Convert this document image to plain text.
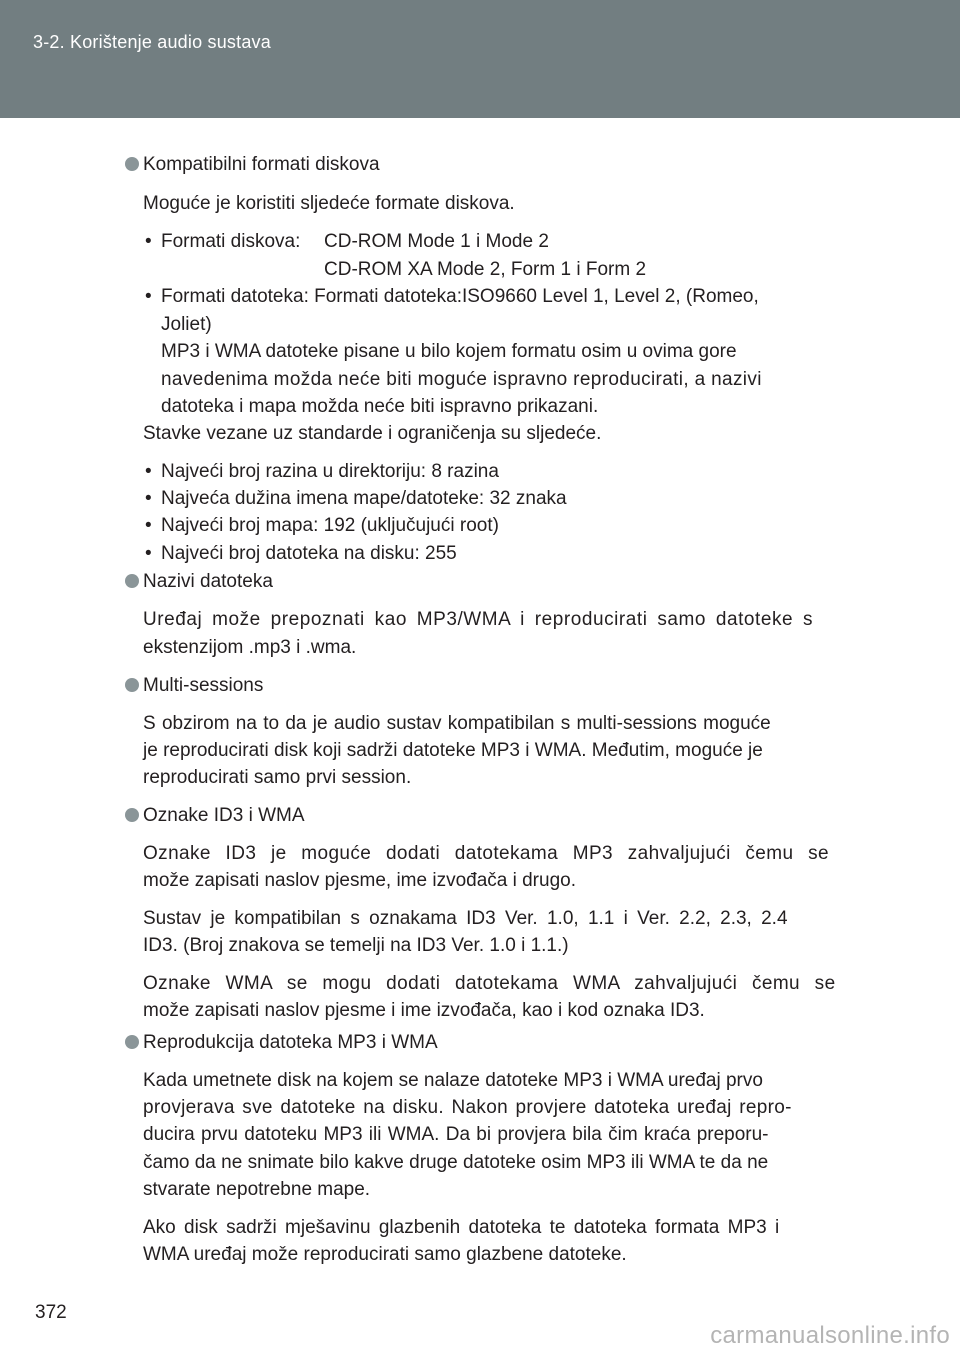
3-2. Korištenje audio sustava
Kompatibilni formati diskova
Moguće je koristiti sljedeće formate diskova.
• Formati diskova: CD-ROM Mode 1 i Mode 2
CD-ROM XA Mode 2, Form 1 i Form 2
• Formati datoteka: Formati datoteka:ISO9660 Level 1, Level 2, (Romeo,
Joliet)
MP3 i WMA datoteke pisane u bilo kojem formatu osim u ovima gore
navedenima možda neće biti moguće ispravno reproducirati, a nazivi
datoteka i mapa možda neće biti ispravno prikazani.
Stavke vezane uz standarde i ograničenja su sljedeće.
• Najveći broj razina u direktoriju: 8 razina
• Najveća dužina imena mape/datoteke: 32 znaka
• Najveći broj mapa: 192 (uključujući root)
• Najveći broj datoteka na disku: 255
Nazivi datoteka
Uređaj može prepoznati kao MP3/WMA i reproducirati samo datoteke s
ekstenzijom .mp3 i .wma.
Multi-sessions
S obzirom na to da je audio sustav kompatibilan s multi-sessions moguće
je reproducirati disk koji sadrži datoteke MP3 i WMA. Međutim, moguće je
reproducirati samo prvi session.
Oznake ID3 i WMA
Oznake ID3 je moguće dodati datotekama MP3 zahvaljujući čemu se
može zapisati naslov pjesme, ime izvođača i drugo.
Sustav je kompatibilan s oznakama ID3 Ver. 1.0, 1.1 i Ver. 2.2, 2.3, 2.4
ID3. (Broj znakova se temelji na ID3 Ver. 1.0 i 1.1.)
Oznake WMA se mogu dodati datotekama WMA zahvaljujući čemu se
može zapisati naslov pjesme i ime izvođača, kao i kod oznaka ID3.
Reprodukcija datoteka MP3 i WMA
Kada umetnete disk na kojem se nalaze datoteke MP3 i WMA uređaj prvo
provjerava sve datoteke na disku. Nakon provjere datoteka uređaj repro-
ducira prvu datoteku MP3 ili WMA. Da bi provjera bila čim kraća preporu-
čamo da ne snimate bilo kakve druge datoteke osim MP3 ili WMA te da ne
stvarate nepotrebne mape.
Ako disk sadrži mješavinu glazbenih datoteka te datoteka formata MP3 i
WMA uređaj može reproducirati samo glazbene datoteke.
372
carmanualsonline.info
